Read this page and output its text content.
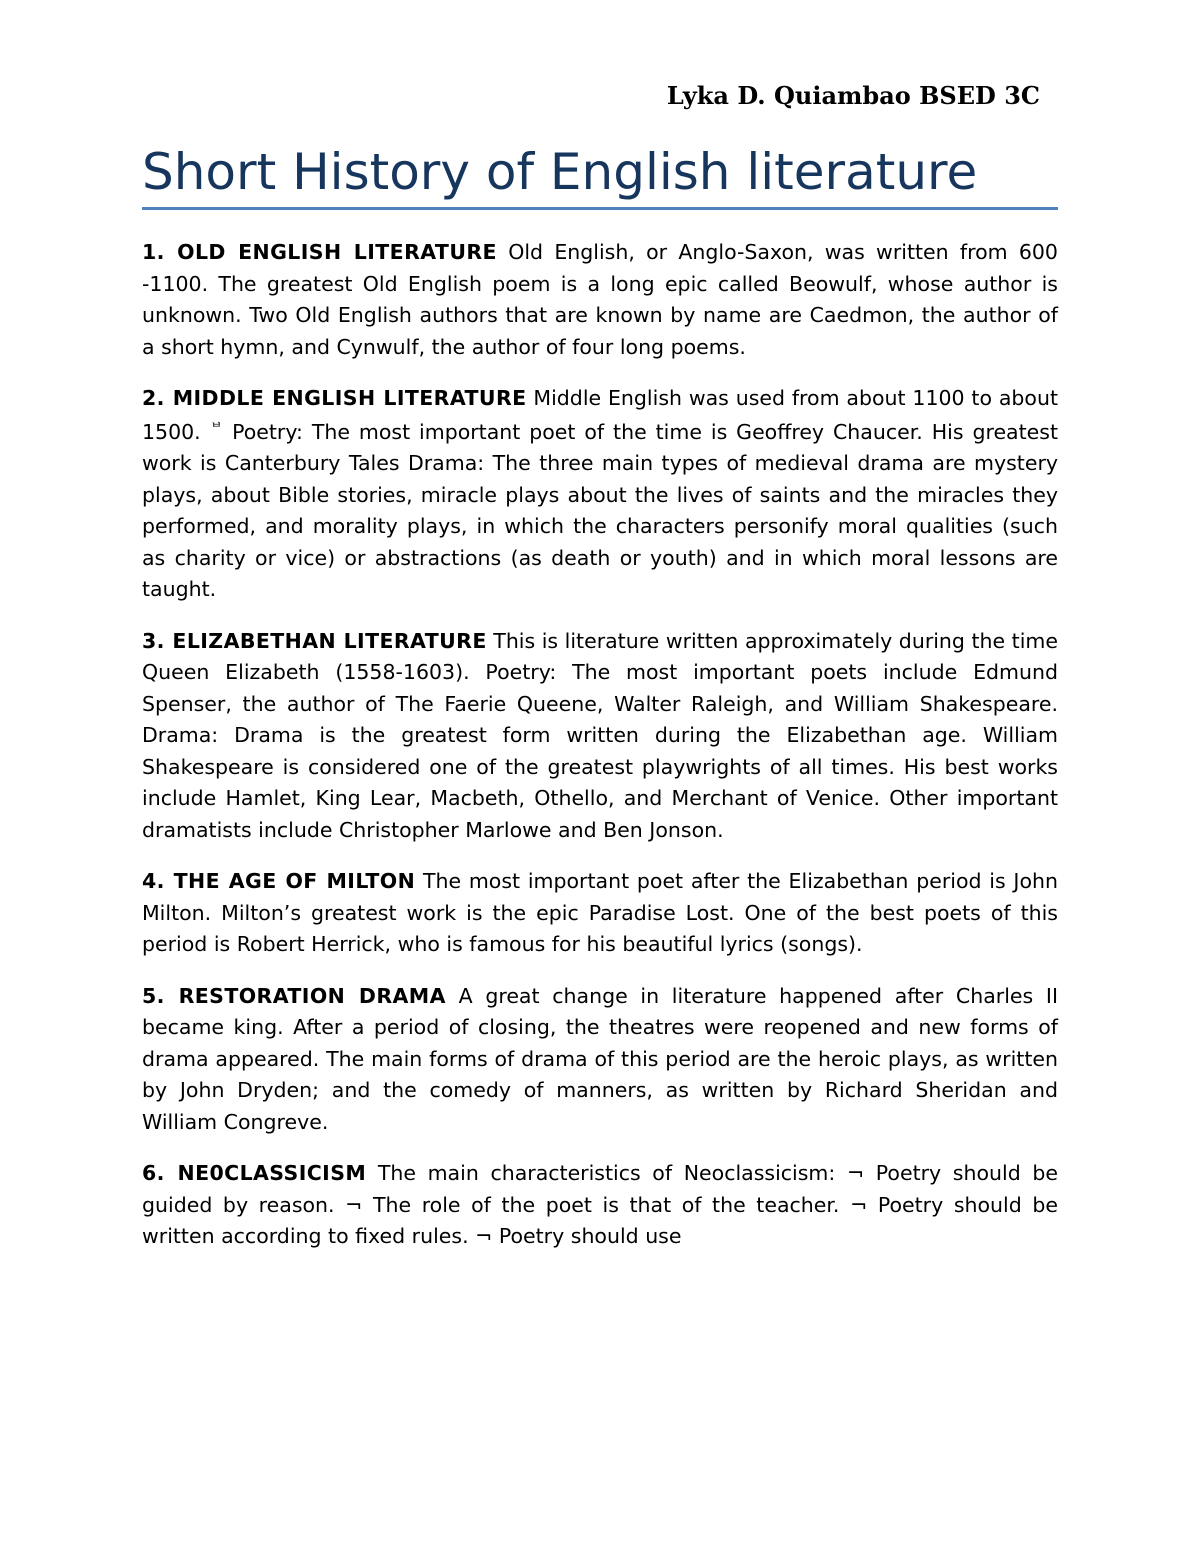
Lyka D. Quiambao BSED 3C
Short History of English literature

1. OLD ENGLISH LITERATURE Old English, or Anglo-Saxon, was written from 600 -1100. The greatest Old English poem is a long epic called Beowulf, whose author is unknown. Two Old English authors that are known by name are Caedmon, the author of a short hymn, and Cynwulf, the author of four long poems.

2. MIDDLE ENGLISH LITERATURE Middle English was used from about 1100 to about 1500. $^ᄇ$ Poetry: The most important poet of the time is Geoffrey Chaucer. His greatest work is Canterbury Tales Drama: The three main types of medieval drama are mystery plays, about Bible stories, miracle plays about the lives of saints and the miracles they performed, and morality plays, in which the characters personify moral qualities (such as charity or vice) or abstractions (as death or youth) and in which moral lessons are taught.

3. ELIZABETHAN LITERATURE This is literature written approximately during the time Queen Elizabeth (1558-1603). Poetry: The most important poets include Edmund Spenser, the author of The Faerie Queene, Walter Raleigh, and William Shakespeare. Drama: Drama is the greatest form written during the Elizabethan age. William Shakespeare is considered one of the greatest playwrights of all times. His best works include Hamlet, King Lear, Macbeth, Othello, and Merchant of Venice. Other important dramatists include Christopher Marlowe and Ben Jonson.

4. THE AGE OF MILTON The most important poet after the Elizabethan period is John Milton. Milton’s greatest work is the epic Paradise Lost. One of the best poets of this period is Robert Herrick, who is famous for his beautiful lyrics (songs).

5. RESTORATION DRAMA A great change in literature happened after Charles II became king. After a period of closing, the theatres were reopened and new forms of drama appeared. The main forms of drama of this period are the heroic plays, as written by John Dryden; and the comedy of manners, as written by Richard Sheridan and William Congreve.

6. NE0CLASSICISM The main characteristics of Neoclassicism: ¬ Poetry should be guided by reason. ¬ The role of the poet is that of the teacher. ¬ Poetry should be written according to fixed rules. ¬ Poetry should use
